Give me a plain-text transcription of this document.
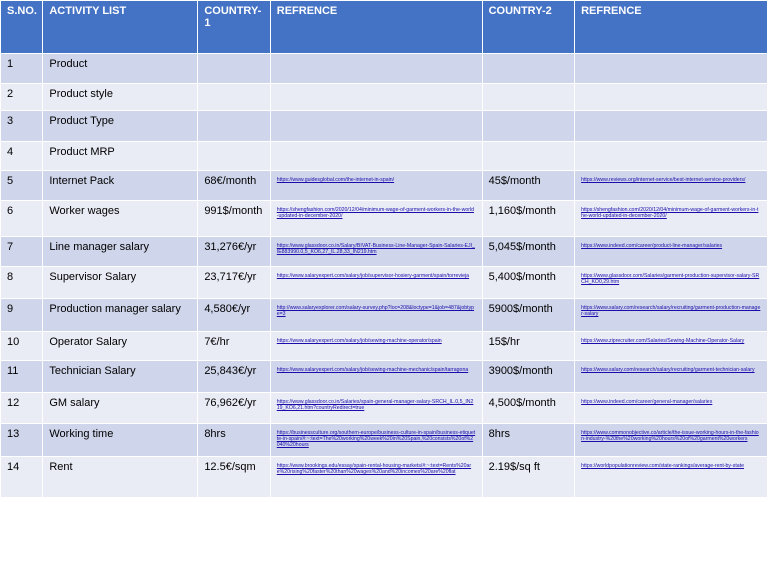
S.NO.	ACTIVITY LIST	COUNTRY-1	REFRENCE	COUNTRY-2	REFRENCE
1	Product		

2	Product style		

3	Product Type		

4	Product MRP		

5	Internet Pack	68€/month	https://www.guidesglobal.com/the-internet-in-spain/	45$/month	https://www.reviews.org/internet-service/best-internet-service-providers/

6	Worker wages	991$/month	https://shengfashion.com/2020/12/04/minimum-wage-of-garment-workers-in-the-world-updated-in-december-2020/	1,160$/month	https://shengfashion.com/2020/12/04/minimum-wage-of-garment-workers-in-the-world-updated-in-december-2020/

7	Line manager salary	31,276€/yr	https://www.glassdoor.co.in/Salary/BIVAT-Business-Line-Manager-Spain-Salaries-EJI_IE883990.0,5_KO6,27_IL.28,33_IN219.htm	5,045$/month	https://www.indeed.com/career/product-line-manager/salaries

8	Supervisor Salary	23,717€/yr	https://www.salaryexpert.com/salary/job/supervisor-hosiery-garment/spain/torrevieja	5,400$/month	https://www.glassdoor.com/Salaries/garment-production-supervisor-salary-SRCH_KO0,29.htm

9	Production manager salary	4,580€/yr	http://www.salaryexplorer.com/salary-survey.php?loc=208&loctype=1&job=487&jobtype=3	5900$/month	https://www.salary.com/research/salary/recruiting/garment-production-manager-salary

10	Operator Salary	7€/hr	https://www.salaryexpert.com/salary/job/sewing-machine-operator/spain	15$/hr	https://www.ziprecruiter.com/Salaries/Sewing-Machine-Operator-Salary

11	Technician Salary	25,843€/yr	https://www.salaryexpert.com/salary/job/sewing-machine-mechanic/spain/tarragona	3900$/month	https://www.salary.com/research/salary/recruiting/garment-technician-salary

12	GM salary	76,962€/yr	https://www.glassdoor.co.in/Salaries/spain-general-manager-salary-SRCH_IL.0,5_IN219_KO6,21.htm?countryRedirect=true	4,500$/month	https://www.indeed.com/career/general-manager/salaries

13	Working time	8hrs	https://businessculture.org/southern-europe/business-culture-in-spain/business-etiquette-in-spain/#:~:text=The%20working%20week%20in%20Spain,%20consists%20of%2040%20hours	8hrs	https://www.commonobjective.co/article/the-issue-working-hours-in-the-fashion-industry-%20the%20working%20hours%20of%20garment%20workers

14	Rent	12.5€/sqm	https://www.brookings.edu/essay/spain-rental-housing-markets/#:~:text=Rents%20are%20rising%20faster%20than%20wages%20and%20incomes%20are%20flat	2.19$/sq ft	https://worldpopulationreview.com/state-rankings/average-rent-by-state
